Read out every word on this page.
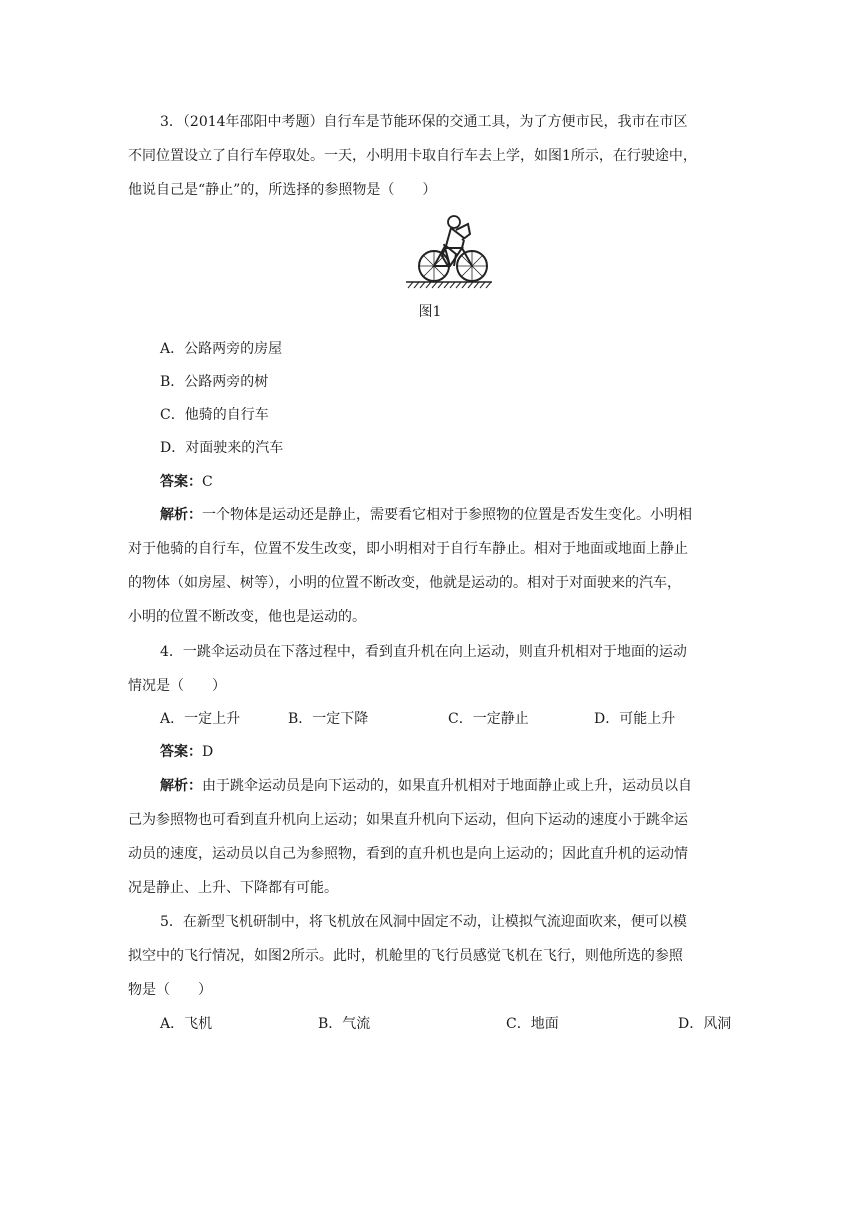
3．（2014年邵阳中考题）自行车是节能环保的交通工具，为了方便市民，我市在市区
不同位置设立了自行车停取处。一天，小明用卡取自行车去上学，如图1所示，在行驶途中，
他说自己是“静止”的，所选择的参照物是（　　）
图1
A．公路两旁的房屋
B．公路两旁的树
C．他骑的自行车
D．对面驶来的汽车
答案：C
解析：一个物体是运动还是静止，需要看它相对于参照物的位置是否发生变化。小明相
对于他骑的自行车，位置不发生改变，即小明相对于自行车静止。相对于地面或地面上静止
的物体（如房屋、树等），小明的位置不断改变，他就是运动的。相对于对面驶来的汽车，
小明的位置不断改变，他也是运动的。
4．一跳伞运动员在下落过程中，看到直升机在向上运动，则直升机相对于地面的运动
情况是（　　）
A．一定上升	B．一定下降	C．一定静止	D．可能上升
答案：D
解析：由于跳伞运动员是向下运动的，如果直升机相对于地面静止或上升，运动员以自
己为参照物也可看到直升机向上运动；如果直升机向下运动，但向下运动的速度小于跳伞运
动员的速度，运动员以自己为参照物，看到的直升机也是向上运动的；因此直升机的运动情
况是静止、上升、下降都有可能。
5．在新型飞机研制中，将飞机放在风洞中固定不动，让模拟气流迎面吹来，便可以模
拟空中的飞行情况，如图2所示。此时，机舱里的飞行员感觉飞机在飞行，则他所选的参照
物是（　　）
A．飞机	B．气流	C．地面	D．风洞
